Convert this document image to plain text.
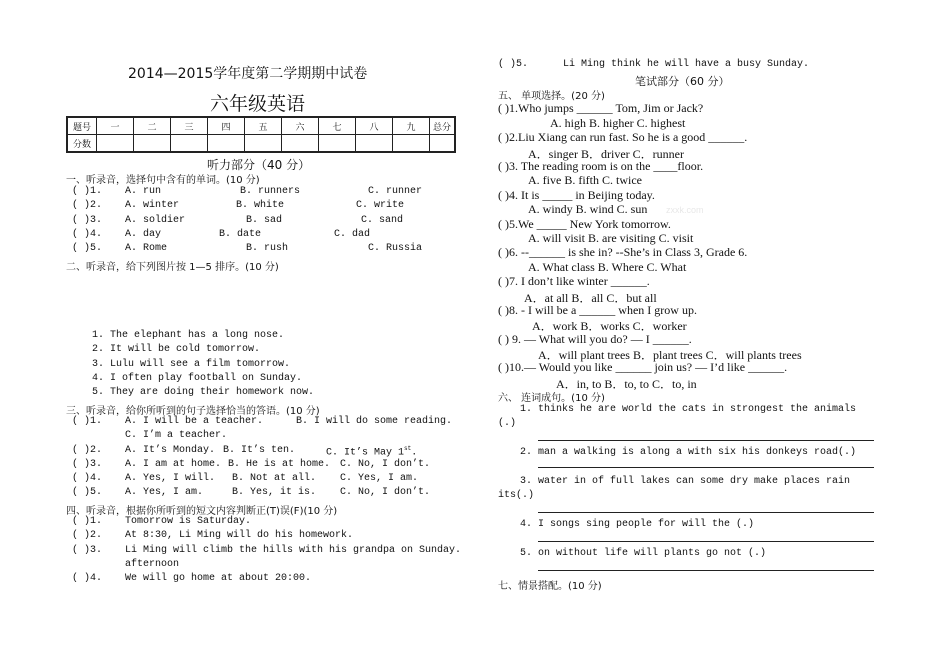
2014—2015学年度第二学期期中试卷
六年级英语
题号	一	二	三	四	五	六	七	八	九	总分
分数										
听力部分（40 分）
一、听录音，选择句中含有的单词。(10 分)
( )1. A. run	B. runners	C. runner
( )2. A. winter	B. white	C. write
( )3. A. soldier	B. sad	C. sand
( )4. A. day	B. date	C. dad
( )5. A. Rome	B. rush	C. Russia
二、听录音，给下列图片按 1—5 排序。(10 分)
1. The elephant has a long nose.
2. It will be cold tomorrow.
3. Lulu will see a film tomorrow.
4. I often play football on Sunday.
5. They are doing their homework now.
三、听录音，给你所听到的句子选择恰当的答语。(10 分)
( )1. A. I will be a teacher.	B. I will do some reading.
C. I’m a teacher.
( )2. A. It’s Monday. B. It’s ten.	C. It’s May 1st.
( )3. A. I am at home. B. He is at home. C. No, I don’t.
( )4. A. Yes, I will. B. Not at all. C. Yes, I am.
( )5. A. Yes, I am.	B. Yes, it is. C. No, I don’t.
四、听录音，根据你所听到的短文内容判断正(T)误(F)(10 分)
( )1. Tomorrow is Saturday.
( )2. At 8:30, Li Ming will do his homework.
( )3. Li Ming will climb the hills with his grandpa on Sunday.
afternoon
( )4. We will go home at about 20:00.
( )5.	Li Ming think he will have a busy Sunday.
笔试部分（60 分）
五、 单项选择。(20 分)
( )1.Who jumps ______ Tom, Jim or Jack?
A. high B. higher C. highest
( )2.Liu Xiang can run fast. So he is a good ______.
A．singer B．driver C．runner
( )3. The reading room is on the ____floor.
A. five B. fifth C. twice
( )4. It is _____ in Beijing today.
A. windy B. wind C. sun zxxk.com
( )5.We _____ New York tomorrow.
A. will visit B. are visiting C. visit
( )6. --______ is she in? --She’s in Class 3, Grade 6.
A. What class B. Where C. What
( )7. I don’t like winter ______.
A．at all B．all C．but all
( )8. - I will be a ______ when I grow up.
A．work B．works C．worker
( ) 9. — What will you do? — I ______.
A．will plant trees B．plant trees C．will plants trees
( )10.— Would you like ______ join us? — I’d like ______.
A．in, to B．to, to C．to, in
六、 连词成句。(10 分)
1. thinks he are world the cats in strongest the animals
(.)
2. man a walking is along a with six his donkeys road(.)
3. water in of full lakes can some dry make places rain
its(.)
4. I songs sing people for will the (.)
5. on without life will plants go not (.)
七、情景搭配。(10 分)
